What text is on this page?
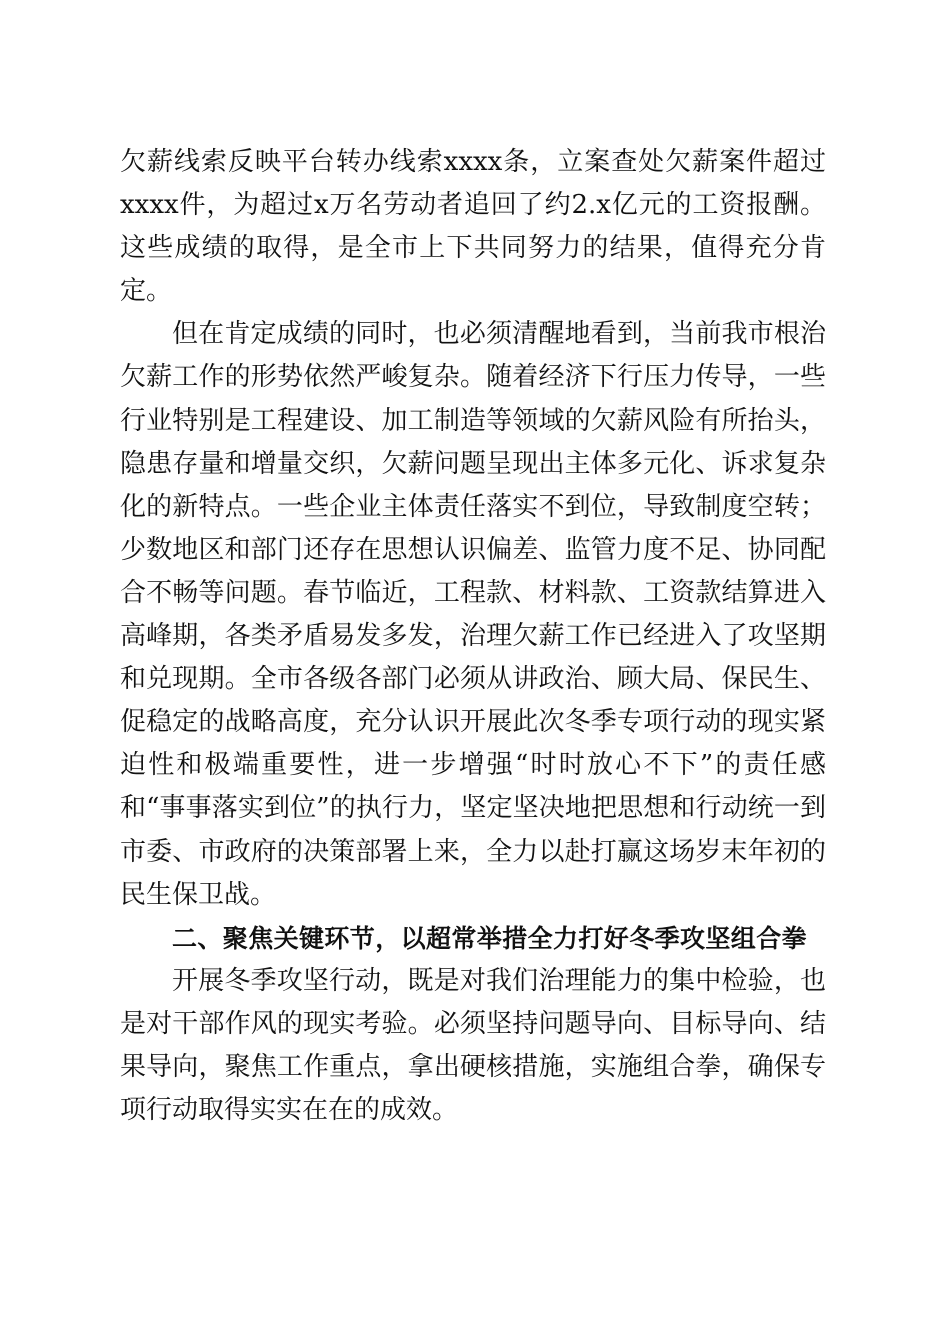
欠薪线索反映平台转办线索xxxx条，立案查处欠薪案件超过xxxx件，为超过x万名劳动者追回了约2.x亿元的工资报酬。这些成绩的取得，是全市上下共同努力的结果，值得充分肯定。

但在肯定成绩的同时，也必须清醒地看到，当前我市根治欠薪工作的形势依然严峻复杂。随着经济下行压力传导，一些行业特别是工程建设、加工制造等领域的欠薪风险有所抬头，隐患存量和增量交织，欠薪问题呈现出主体多元化、诉求复杂化的新特点。一些企业主体责任落实不到位，导致制度空转；少数地区和部门还存在思想认识偏差、监管力度不足、协同配合不畅等问题。春节临近，工程款、材料款、工资款结算进入高峰期，各类矛盾易发多发，治理欠薪工作已经进入了攻坚期和兑现期。全市各级各部门必须从讲政治、顾大局、保民生、促稳定的战略高度，充分认识开展此次冬季专项行动的现实紧迫性和极端重要性，进一步增强“时时放心不下”的责任感和“事事落实到位”的执行力，坚定坚决地把思想和行动统一到市委、市政府的决策部署上来，全力以赴打赢这场岁末年初的民生保卫战。

二、聚焦关键环节，以超常举措全力打好冬季攻坚组合拳

开展冬季攻坚行动，既是对我们治理能力的集中检验，也是对干部作风的现实考验。必须坚持问题导向、目标导向、结果导向，聚焦工作重点，拿出硬核措施，实施组合拳，确保专项行动取得实实在在的成效。
